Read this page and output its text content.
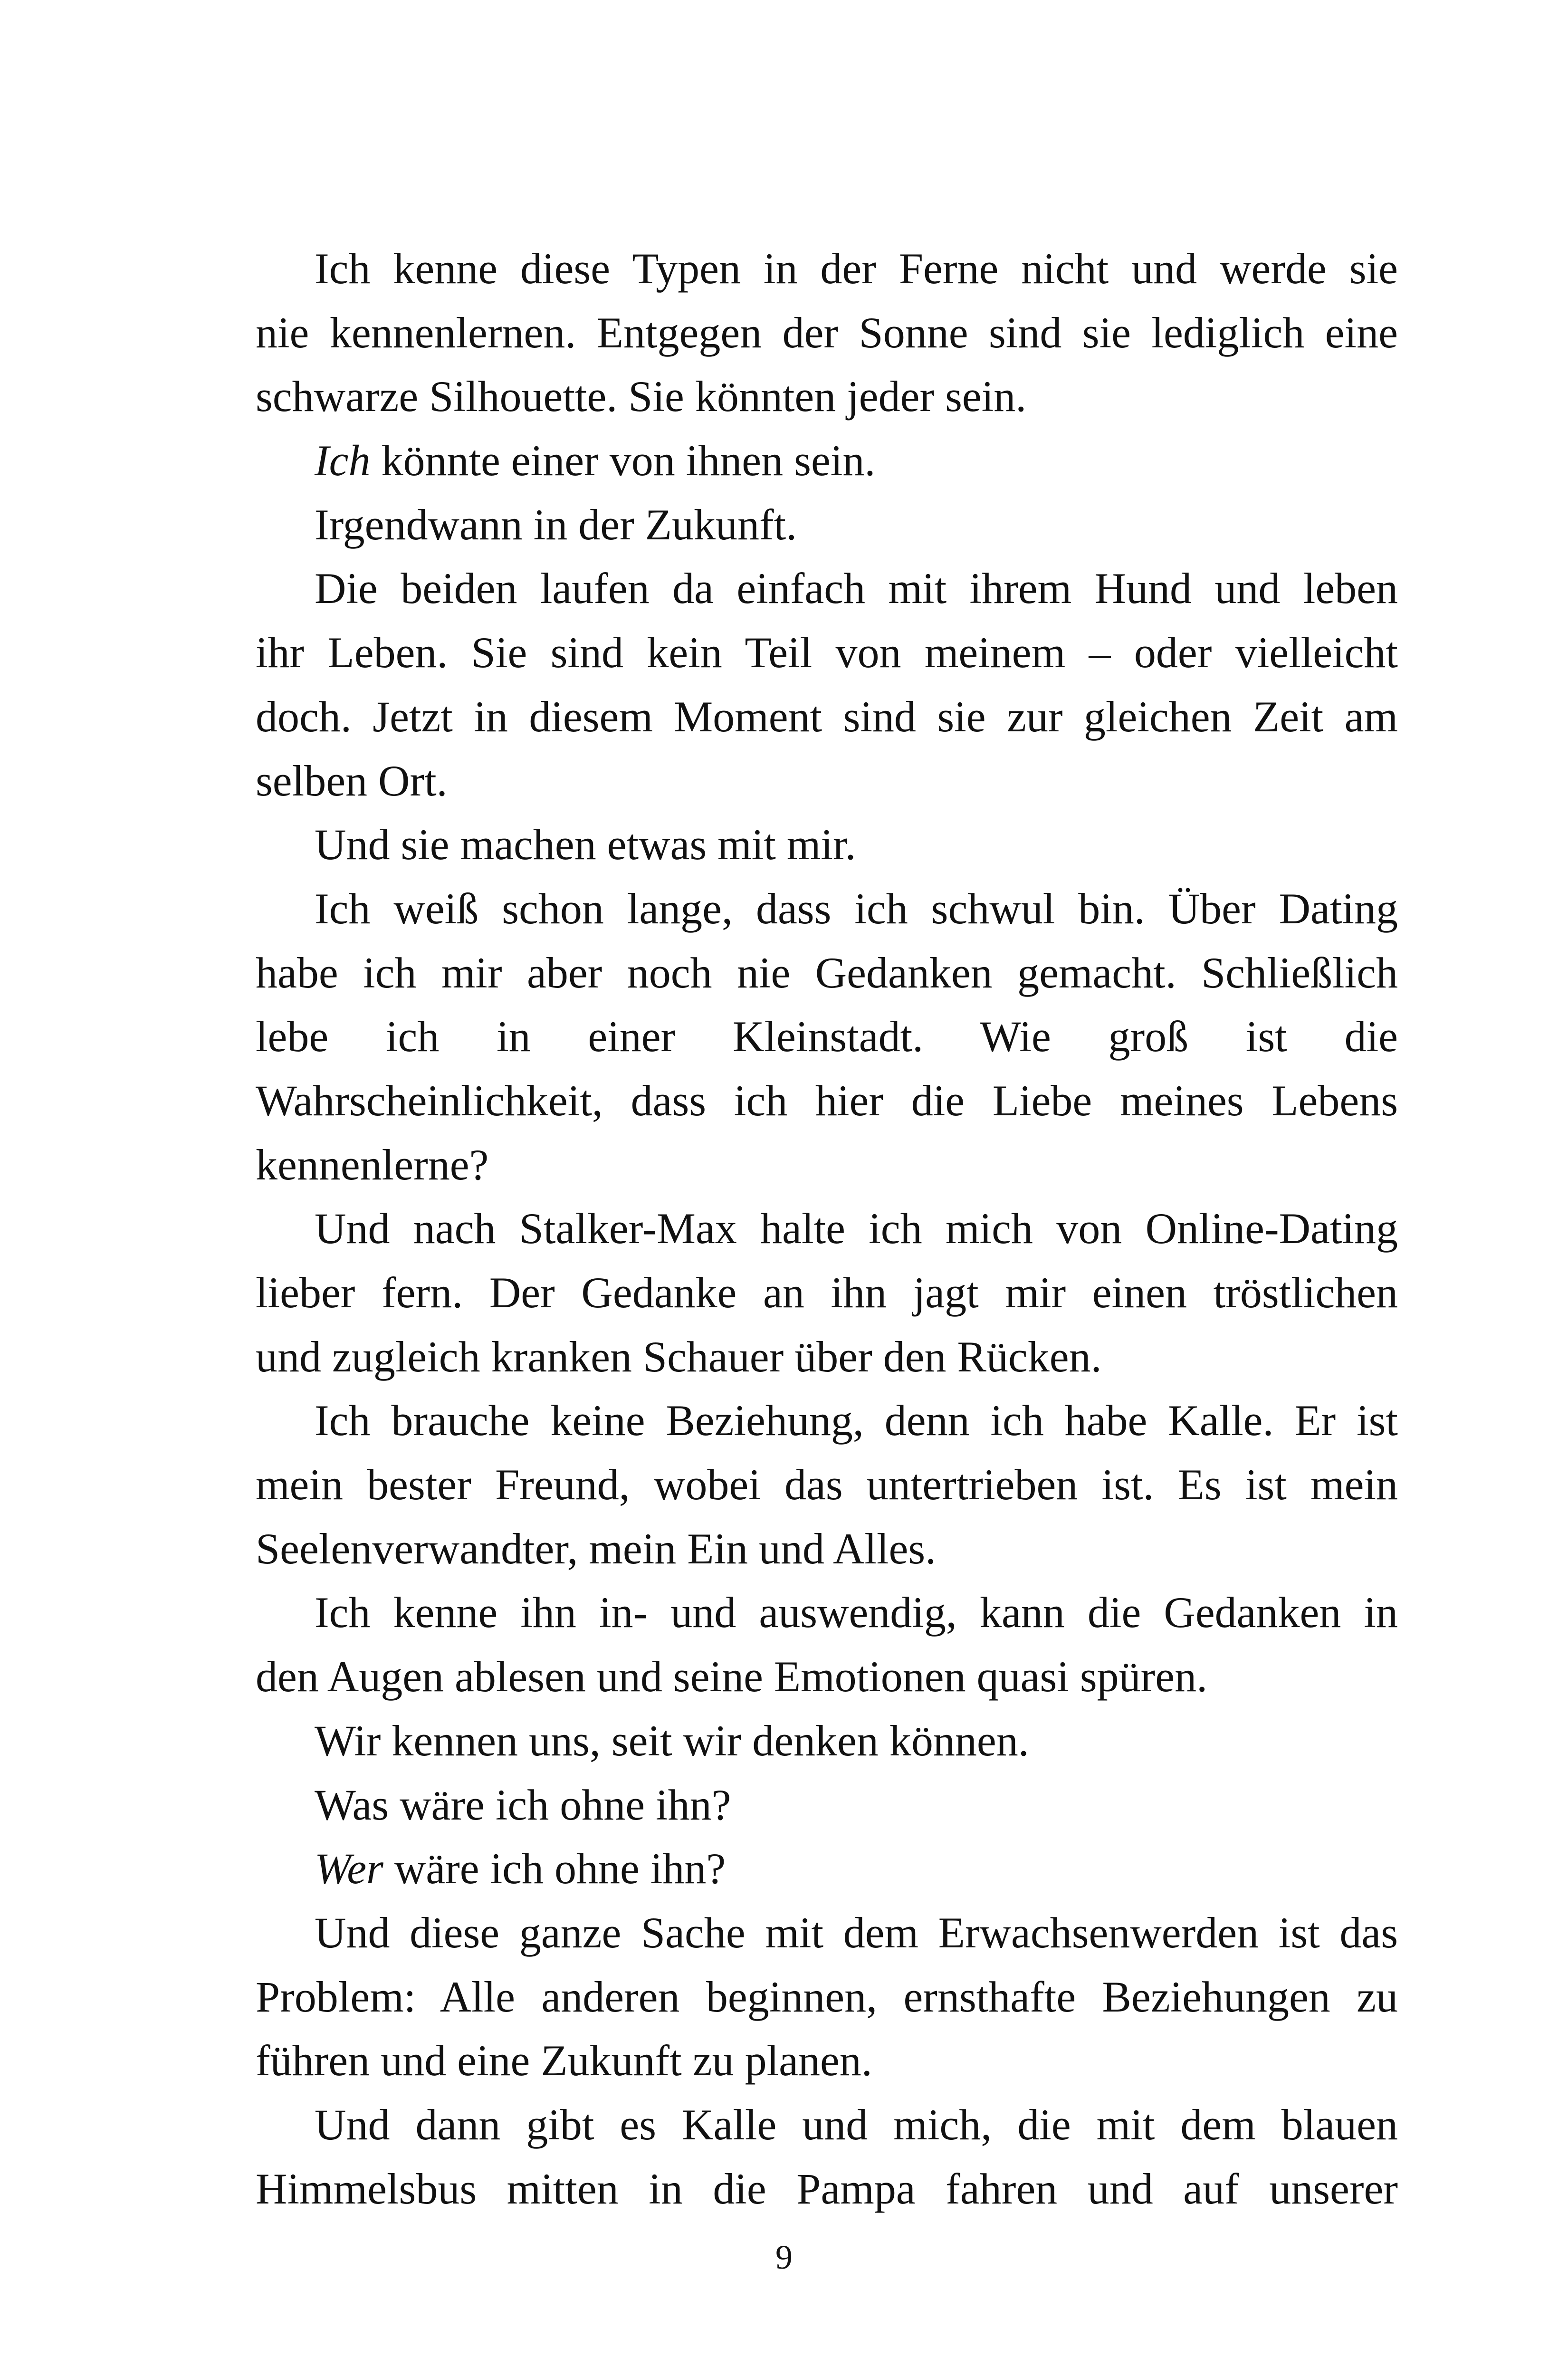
Ich kenne diese Typen in der Ferne nicht und werde sie
nie kennenlernen. Entgegen der Sonne sind sie lediglich eine
schwarze Silhouette. Sie könnten jeder sein.
Ich könnte einer von ihnen sein.
Irgendwann in der Zukunft.
Die beiden laufen da einfach mit ihrem Hund und leben
ihr Leben. Sie sind kein Teil von meinem – oder vielleicht
doch. Jetzt in diesem Moment sind sie zur gleichen Zeit am
selben Ort.
Und sie machen etwas mit mir.
Ich weiß schon lange, dass ich schwul bin. Über Dating
habe ich mir aber noch nie Gedanken gemacht. Schließlich
lebe ich in einer Kleinstadt. Wie groß ist die
Wahrscheinlichkeit, dass ich hier die Liebe meines Lebens
kennenlerne?
Und nach Stalker-Max halte ich mich von Online-Dating
lieber fern. Der Gedanke an ihn jagt mir einen tröstlichen
und zugleich kranken Schauer über den Rücken.
Ich brauche keine Beziehung, denn ich habe Kalle. Er ist
mein bester Freund, wobei das untertrieben ist. Es ist mein
Seelenverwandter, mein Ein und Alles.
Ich kenne ihn in- und auswendig, kann die Gedanken in
den Augen ablesen und seine Emotionen quasi spüren.
Wir kennen uns, seit wir denken können.
Was wäre ich ohne ihn?
Wer wäre ich ohne ihn?
Und diese ganze Sache mit dem Erwachsenwerden ist das
Problem: Alle anderen beginnen, ernsthafte Beziehungen zu
führen und eine Zukunft zu planen.
Und dann gibt es Kalle und mich, die mit dem blauen
Himmelsbus mitten in die Pampa fahren und auf unserer
9
